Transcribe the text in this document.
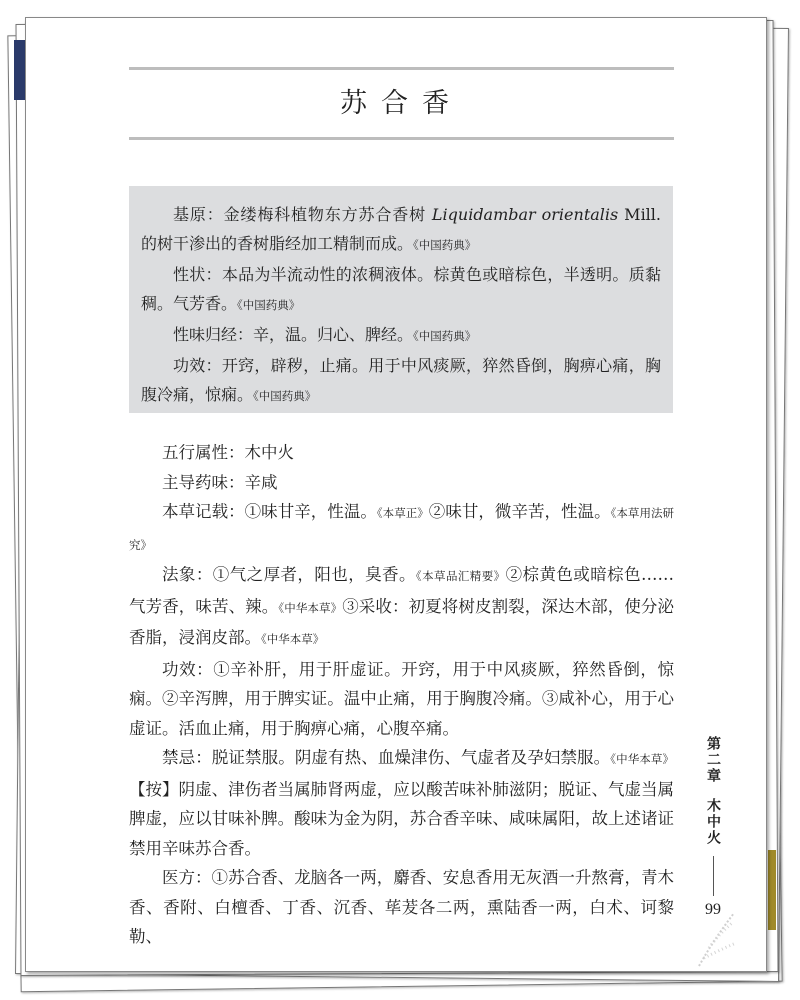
苏合香

基原：金缕梅科植物东方苏合香树 Liquidambar orientalis Mill. 的树干渗出的香树脂经加工精制而成。《中国药典》

性状：本品为半流动性的浓稠液体。棕黄色或暗棕色，半透明。质黏稠。气芳香。《中国药典》

性味归经：辛，温。归心、脾经。《中国药典》

功效：开窍，辟秽，止痛。用于中风痰厥，猝然昏倒，胸痹心痛，胸腹冷痛，惊痫。《中国药典》

五行属性：木中火

主导药味：辛咸

本草记载：①味甘辛，性温。《本草正》②味甘，微辛苦，性温。《本草用法研究》

法象：①气之厚者，阳也，臭香。《本草品汇精要》②棕黄色或暗棕色……气芳香，味苦、辣。《中华本草》③采收：初夏将树皮割裂，深达木部，使分泌香脂，浸润皮部。《中华本草》

功效：①辛补肝，用于肝虚证。开窍，用于中风痰厥，猝然昏倒，惊痫。②辛泻脾，用于脾实证。温中止痛，用于胸腹冷痛。③咸补心，用于心虚证。活血止痛，用于胸痹心痛，心腹卒痛。

禁忌：脱证禁服。阴虚有热、血燥津伤、气虚者及孕妇禁服。《中华本草》【按】阴虚、津伤者当属肺肾两虚，应以酸苦味补肺滋阴；脱证、气虚当属脾虚，应以甘味补脾。酸味为金为阴，苏合香辛味、咸味属阳，故上述诸证禁用辛味苏合香。

医方：①苏合香、龙脑各一两，麝香、安息香用无灰酒一升熬膏，青木香、香附、白檀香、丁香、沉香、荜茇各二两，熏陆香一两，白术、诃黎勒、

第二章 木中火
99
